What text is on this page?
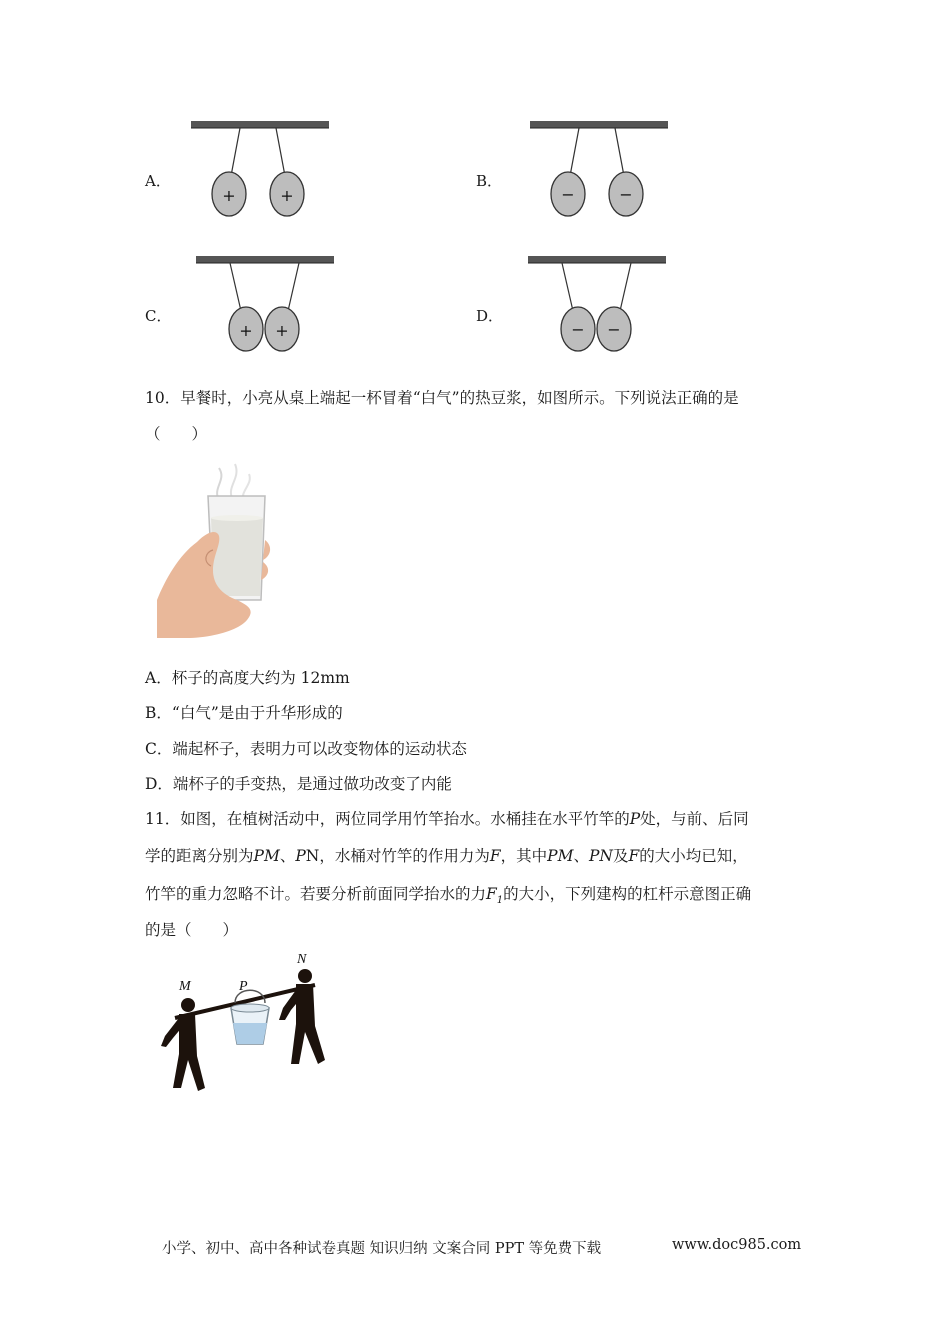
A．
+	+
B．
−	−
C．
+ +
D．
− −
10．早餐时，小亮从桌上端起一杯冒着“白气”的热豆浆，如图所示。下列说法正确的是
（　　）
A．杯子的高度大约为 12mm
B．“白气”是由于升华形成的
C．端起杯子，表明力可以改变物体的运动状态
D．端杯子的手变热，是通过做功改变了内能
11．如图，在植树活动中，两位同学用竹竿抬水。水桶挂在水平竹竿的P处，与前、后同
学的距离分别为PM、PN，水桶对竹竿的作用力为F，其中PM、PN及F的大小均已知，
竹竿的重力忽略不计。若要分析前面同学抬水的力$F_1$的大小，下列建构的杠杆示意图正确
的是（　　）
M	P
N
小学、初中、高中各种试卷真题 知识归纳 文案合同 PPT 等免费下载	www.doc985.com
